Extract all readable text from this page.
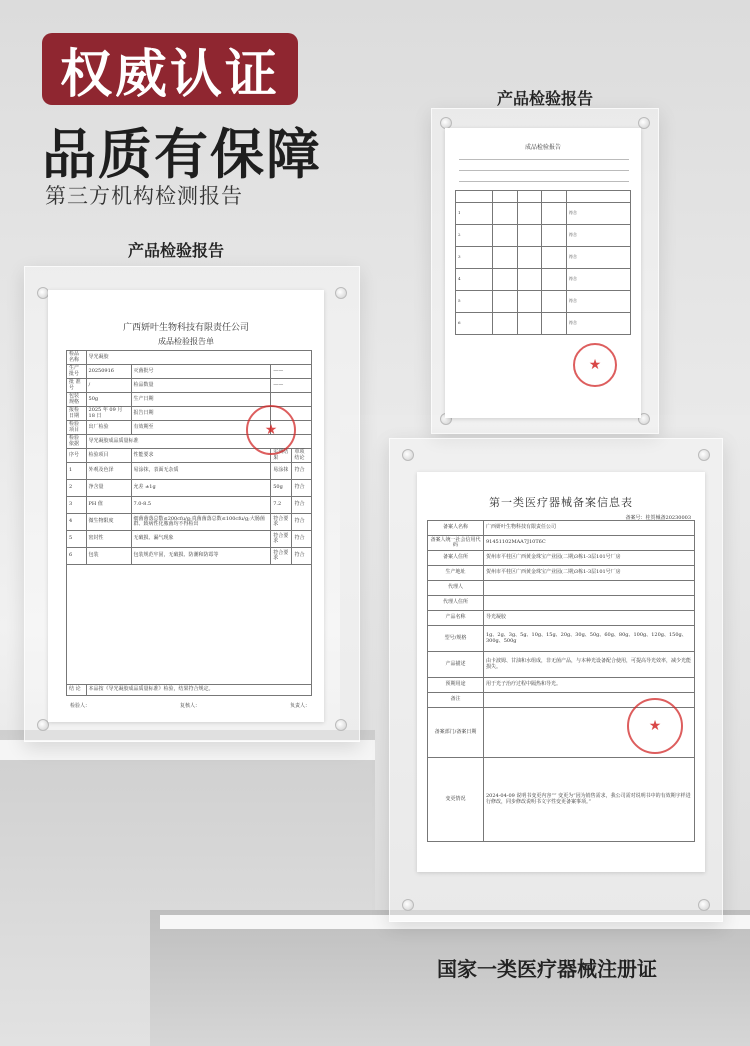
权威认证
品质有保障
第三方机构检测报告
产品检验报告
产品检验报告
广西妍叶生物科技有限责任公司
成品检验报告单
检品名称	导光凝胶			
生产批号	20250916	灭菌批号	——	
批 准 号	/	检品数量	——	
包装规格	50g	生产日期		
报检日期	2025 年 09 月 18 日	报告日期		
检验项目	出厂检验	有效期至		
检验依据	导光凝胶成品质量标准			
序号	检验项目	性能要求	实测结果	单项结论
1	外观及色泽	易涂抹，表面无杂质	易涂抹	符合
2	净含量	允差 ±1g	50g	符合
3	PH 值	7.0-8.5	7.2	符合
4	微生物限度	细菌菌落总数≤200cfu/g;真菌菌落总数≤100cfu/g;大肠菌群、致病性化脓菌均不得检出	符合要求	符合
5	密封性	无破损、漏气现象	符合要求	符合
6	包装	包装规范牢固，无破损、防潮和防霉等	符合要求	符合

结 论	本品按《导光凝胶成品质量标准》检验，结果符合规定。			
检验人：	复核人：	负责人：
★
成品检验报告

1				符合
2				符合
3				符合
4				符合
5				符合
6				符合
★
第一类医疗器械备案信息表
备案号：桂贺械备20230003
备案人名称	广西妍叶生物科技有限责任公司
备案人统一社会信用代码	91451102MAA7J10T6C
备案人住所	贺州市平桂区广西黄金珠宝产业园(二期)3栋1-3层101号厂房
生产地址	贺州市平桂区广西黄金珠宝产业园(二期)3栋1-3层101号厂房
代理人	
代理人住所	
产品名称	导光凝胶
型号/规格	1g、2g、3g、5g、10g、15g、20g、30g、50g、60g、80g、100g、120g、150g、300g、500g
产品描述	由卡波姆、甘油和水组成，非无菌产品，与本种光设备配合使用，可提高导光效率，减少光能损失。
预期用途	用于光子治疗过程中隔热和导光。
备注	
备案部门/备案日期	
变更情况	2024-04-09 说明书变更内容“” 变更为“因为销售需求，我公司需对说明书中的有效期字样进行修改，同步修改说明书文字性变更备案事项。”
★
国家一类医疗器械注册证
